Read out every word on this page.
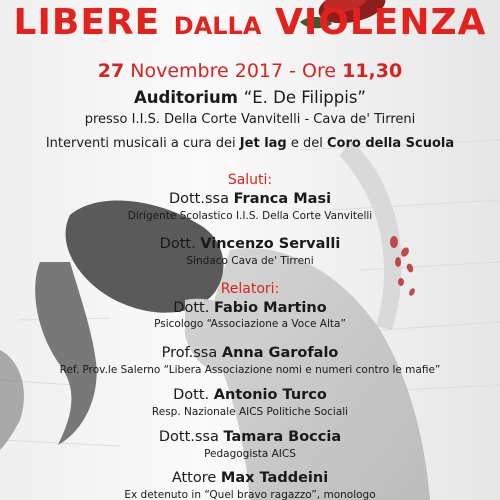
LIBERE DALLA VIOLENZA
27 Novembre 2017 - Ore 11,30
Auditorium “E. De Filippis”
presso I.I.S. Della Corte Vanvitelli - Cava de' Tirreni
Interventi musicali a cura dei Jet lag e del Coro della Scuola
Saluti:
Dott.ssa Franca Masi
Dirigente Scolastico I.I.S. Della Corte Vanvitelli
Dott. Vincenzo Servalli
Sindaco Cava de' Tirreni
Relatori:
Dott. Fabio Martino
Psicologo “Associazione a Voce Alta”
Prof.ssa Anna Garofalo
Ref. Prov.le Salerno “Libera Associazione nomi e numeri contro le mafie”
Dott. Antonio Turco
Resp. Nazionale AICS Politiche Sociali
Dott.ssa Tamara Boccia
Pedagogista AICS
Attore Max Taddeini
Ex detenuto in “Quel bravo ragazzo”, monologo
